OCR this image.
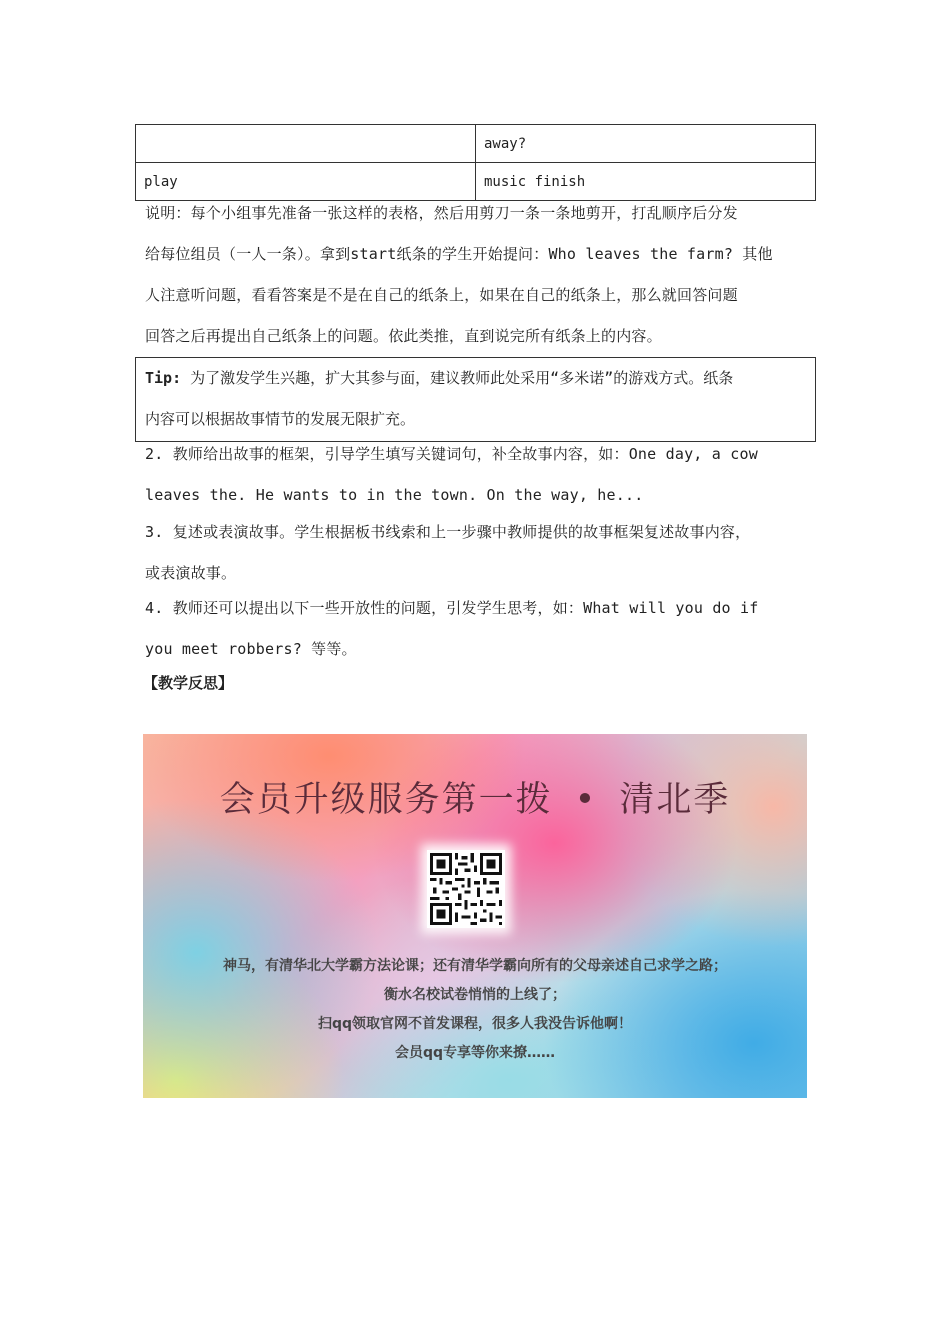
	away?
play	music finish

说明：每个小组事先准备一张这样的表格，然后用剪刀一条一条地剪开，打乱顺序后分发
给每位组员（一人一条）。拿到start纸条的学生开始提问：Who leaves the farm? 其他
人注意听问题，看看答案是不是在自己的纸条上，如果在自己的纸条上，那么就回答问题
回答之后再提出自己纸条上的问题。依此类推，直到说完所有纸条上的内容。

Tip: 为了激发学生兴趣，扩大其参与面，建议教师此处采用“多米诺”的游戏方式。纸条
内容可以根据故事情节的发展无限扩充。

2. 教师给出故事的框架，引导学生填写关键词句，补全故事内容，如：One day, a cow
leaves the. He wants to in the town. On the way, he...

3. 复述或表演故事。学生根据板书线索和上一步骤中教师提供的故事框架复述故事内容，
或表演故事。

4. 教师还可以提出以下一些开放性的问题，引发学生思考，如：What will you do if
you meet robbers? 等等。

【教学反思】
会员升级服务第一拨 • 清北季
神马，有清华北大学霸方法论课；还有清华学霸向所有的父母亲述自己求学之路；
衡水名校试卷悄悄的上线了；
扫qq领取官网不首发课程，很多人我没告诉他啊！
会员qq专享等你来撩……
